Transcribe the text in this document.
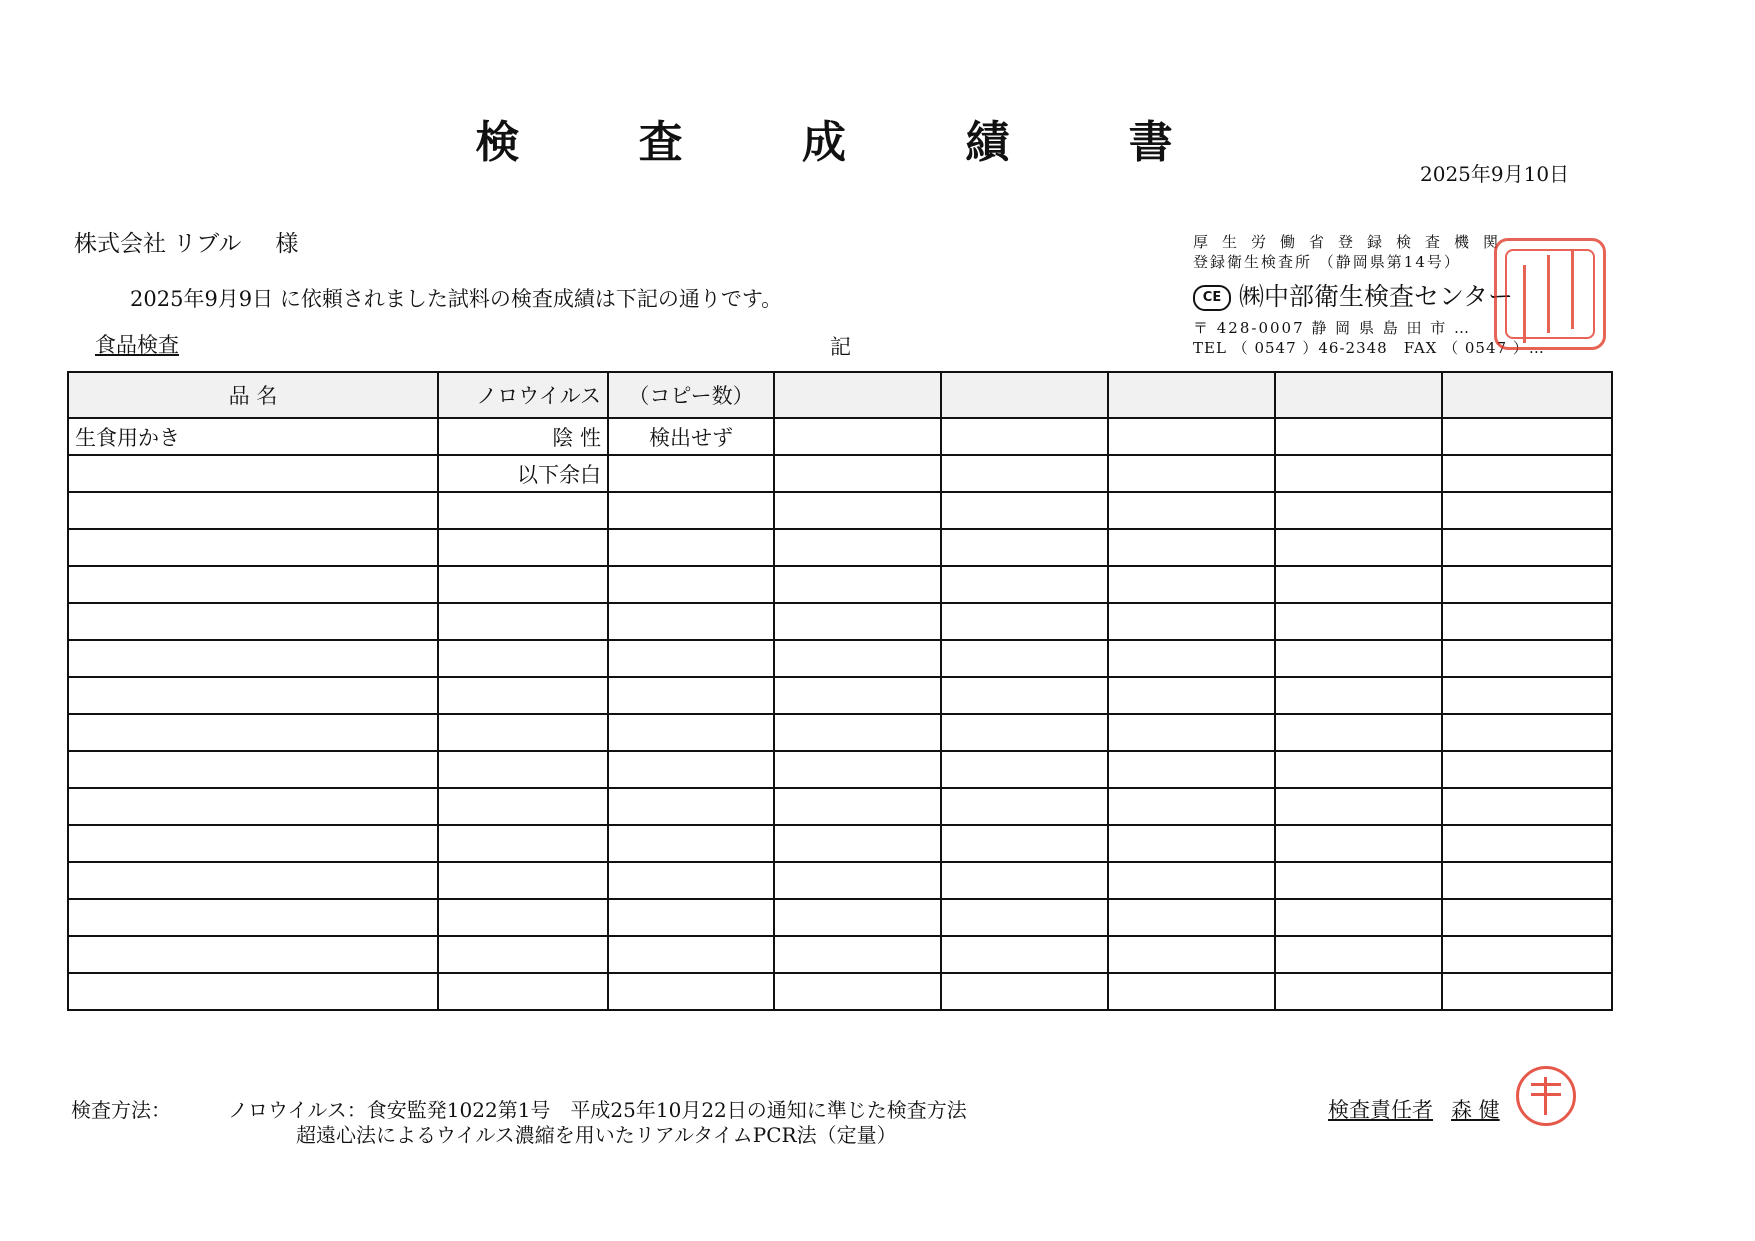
検 査 成 績 書
2025年9月10日
株式会社 リブル 様
2025年9月9日 に依頼されました試料の検査成績は下記の通りです。
食品検査	記
厚生労働省登録検査機関
登録衛生検査所 （静岡県第14号）
CE ㈱中部衛生検査センター
〒 428-0007 静 岡 県 島 田 市 …
TEL （ 0547 ）46-2348　FAX （ 0547 ）…
品 名	ノロウイルス	（コピー数）					
生食用かき	陰 性	検出せず					
	以下余白						

検査方法：	ノロウイルス：食安監発1022第1号　平成25年10月22日の通知に準じた検査方法
超遠心法によるウイルス濃縮を用いたリアルタイムPCR法（定量）
検査責任者 森 健
